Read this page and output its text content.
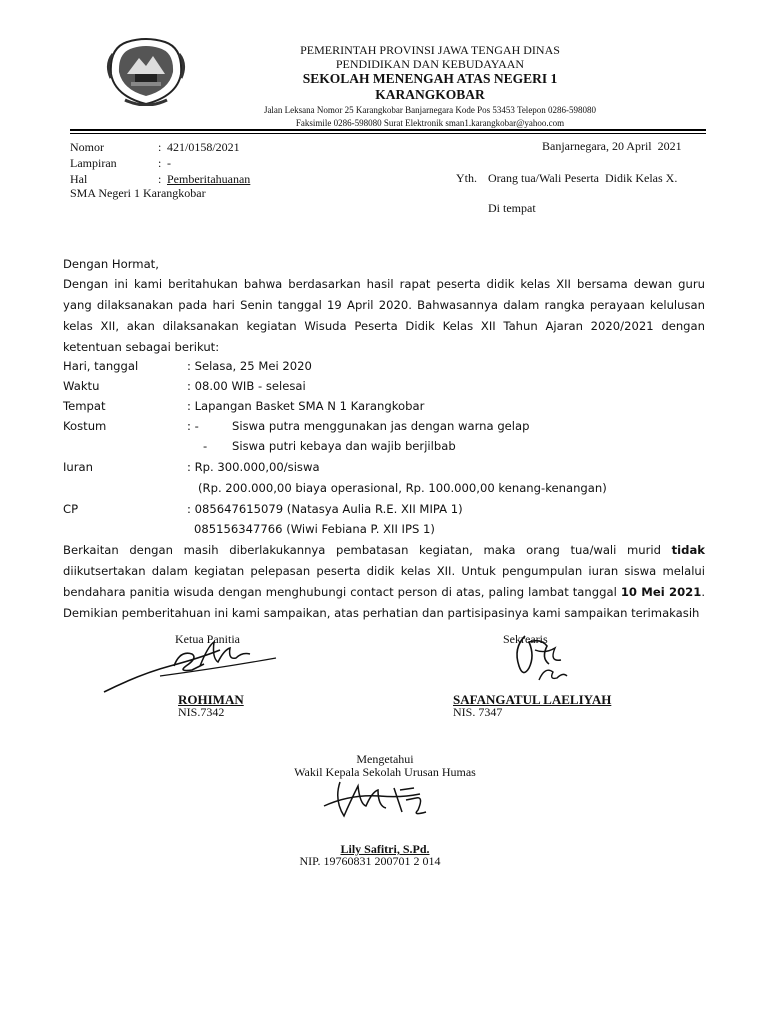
PEMERINTAH PROVINSI JAWA TENGAH DINAS
PENDIDIKAN DAN KEBUDAYAAN
SEKOLAH MENENGAH ATAS NEGERI 1
KARANGKOBAR
Jalan Leksana Nomor 25 Karangkobar Banjarnegara Kode Pos 53453 Telepon 0286-598080
Faksimile 0286-598080 Surat Elektronik sman1.karangkobar@yahoo.com
Nomor	: 421/0158/2021
Lampiran	: -
Hal	: Pemberitahuanan
Banjarnegara, 20 April  2021
Yth. Orang tua/Wali Peserta  Didik Kelas X.
SMA Negeri 1 Karangkobar
Di tempat
Dengan Hormat,
Dengan ini kami beritahukan bahwa berdasarkan hasil rapat peserta didik kelas XII bersama dewan guru yang dilaksanakan pada hari Senin tanggal 19 April 2020. Bahwasannya dalam rangka perayaan kelulusan kelas XII, akan dilaksanakan kegiatan Wisuda Peserta Didik Kelas XII Tahun Ajaran 2020/2021 dengan ketentuan sebagai berikut:
Hari, tanggal	: Selasa, 25 Mei 2020
Waktu	: 08.00 WIB - selesai
Tempat	: Lapangan Basket SMA N 1 Karangkobar
Kostum	: -	Siswa putra menggunakan jas dengan warna gelap
- Siswa putri kebaya dan wajib berjilbab
Iuran	: Rp. 300.000,00/siswa
(Rp. 200.000,00 biaya operasional, Rp. 100.000,00 kenang-kenangan)
CP	: 085647615079 (Natasya Aulia R.E. XII MIPA 1)
085156347766 (Wiwi Febiana P. XII IPS 1)
Berkaitan dengan masih diberlakukannya pembatasan kegiatan, maka orang tua/wali murid tidak diikutsertakan dalam kegiatan pelepasan peserta didik kelas XII. Untuk pengumpulan iuran siswa melalui bendahara panitia wisuda dengan menghubungi contact person di atas, paling lambat tanggal 10 Mei 2021. Demikian pemberitahuan ini kami sampaikan, atas perhatian dan partisipasinya kami sampaikan terimakasih
Ketua Panitia
ROHIMAN
NIS.7342
Sekrearis
SAFANGATUL LAELIYAH
NIS. 7347
Mengetahui
Wakil Kepala Sekolah Urusan Humas
Lily Safitri, S.Pd.
NIP. 19760831 200701 2 014
